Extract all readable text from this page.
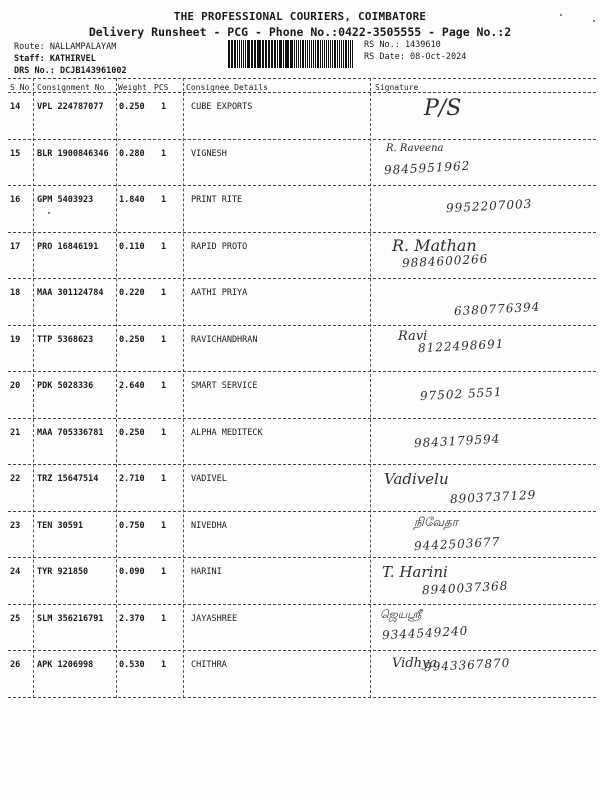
THE PROFESSIONAL COURIERS, COIMBATORE
Delivery Runsheet - PCG - Phone No.:0422-3505555 - Page No.:2
Route: NALLAMPALAYAM
Staff: KATHIRVEL
DRS No.: DCJB143961002
RS No.: 1439610
RS Date: 08-Oct-2024
S No Consignment No Weight PCS Consignee Details	Signature
14 VPL 224787077 0.250 1	CUBE EXPORTS	P/S
15 BLR 1900846346 0.280 1	VIGNESH	R. Raveena
9845951962
16 GPM 5403923	1.840 1	PRINT RITE	9952207003
17 PRO 16846191 0.110 1	RAPID PROTO	R. Mathan
9884600266
18 MAA 301124784 0.220 1	AATHI PRIYA
6380776394
19 TTP 5368623	0.250 1	RAVICHANDHRAN	Ravi
8122498691
20 PDK 5028336	2.640 1	SMART SERVICE	97502 5551
21 MAA 705336781 0.250 1	ALPHA MEDITECK	9843179594
22 TRZ 15647514 2.710 1	VADIVEL	Vadivelu
8903737129
23 TEN 30591	0.750 1	NIVEDHA	நிவேதா
9442503677
24 TYR 921850	0.090 1	HARINI	T. Harini
8940037368
25 SLM 356216791 2.370 1	JAYASHREE	ஜெயஸ்ரீ
9344549240
26 APK 1206998	0.530 1	CHITHRA	Vidhya
9943367870
